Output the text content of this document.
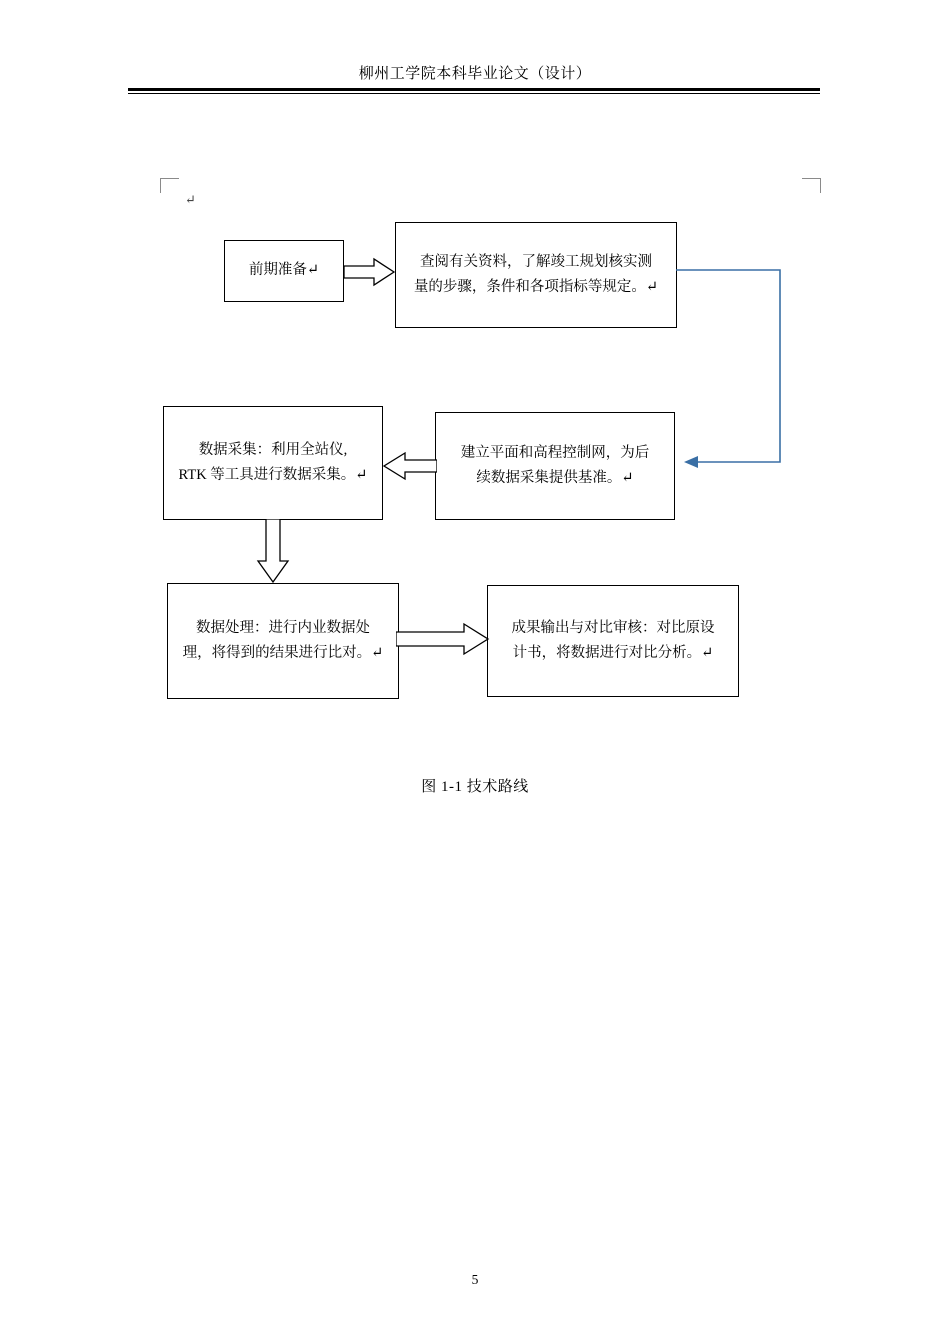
柳州工学院本科毕业论文（设计）
↵
前期准备↵
查阅有关资料，了解竣工规划核实测
量的步骤，条件和各项指标等规定。↵
数据采集：利用全站仪,
RTK 等工具进行数据采集。↵
建立平面和高程控制网，为后
续数据采集提供基准。↵
数据处理：进行内业数据处
理，将得到的结果进行比对。↵
成果输出与对比审核：对比原设
计书，将数据进行对比分析。↵
图 1-1 技术路线
5
